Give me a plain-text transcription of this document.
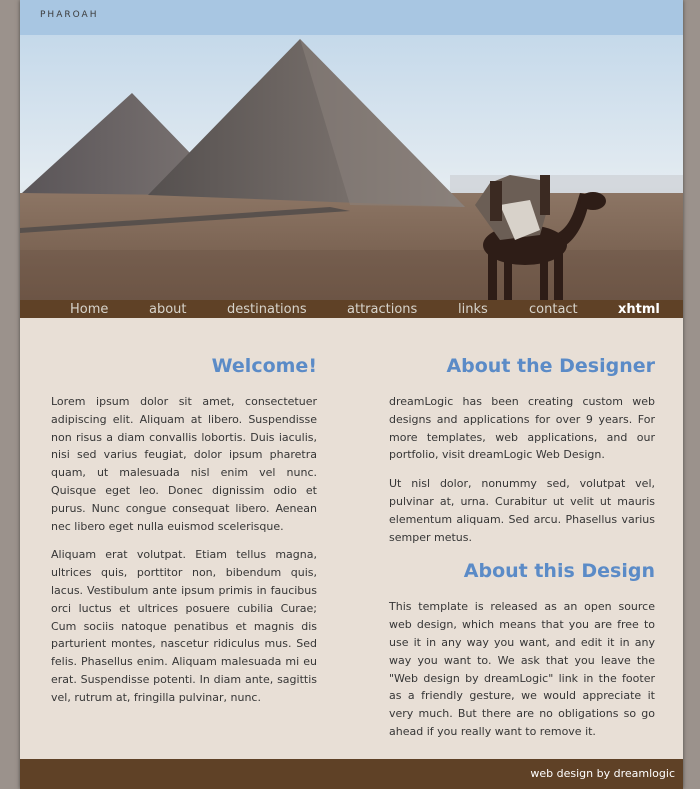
PHAROAH
Home	about	destinations	attractions	links	contact	xhtml
Welcome!

Lorem ipsum dolor sit amet, consectetuer adipiscing elit. Aliquam at libero. Suspendisse non risus a diam convallis lobortis. Duis iaculis, nisi sed varius feugiat, dolor ipsum pharetra quam, ut malesuada nisl enim vel nunc. Quisque eget leo. Donec dignissim odio et purus. Nunc congue consequat libero. Aenean nec libero eget nulla euismod scelerisque.

Aliquam erat volutpat. Etiam tellus magna, ultrices quis, porttitor non, bibendum quis, lacus. Vestibulum ante ipsum primis in faucibus orci luctus et ultrices posuere cubilia Curae; Cum sociis natoque penatibus et magnis dis parturient montes, nascetur ridiculus mus. Sed felis. Phasellus enim. Aliquam malesuada mi eu erat. Suspendisse potenti. In diam ante, sagittis vel, rutrum at, fringilla pulvinar, nunc.

About the Designer

dreamLogic has been creating custom web designs and applications for over 9 years. For more templates, web applications, and our portfolio, visit dreamLogic Web Design.

Ut nisl dolor, nonummy sed, volutpat vel, pulvinar at, urna. Curabitur ut velit ut mauris elementum aliquam. Sed arcu. Phasellus varius semper metus.

About this Design

This template is released as an open source web design, which means that you are free to use it in any way you want, and edit it in any way you want to. We ask that you leave the "Web design by dreamLogic" link in the footer as a friendly gesture, we would appreciate it very much. But there are no obligations so go ahead if you really want to remove it.

web design by dreamlogic
